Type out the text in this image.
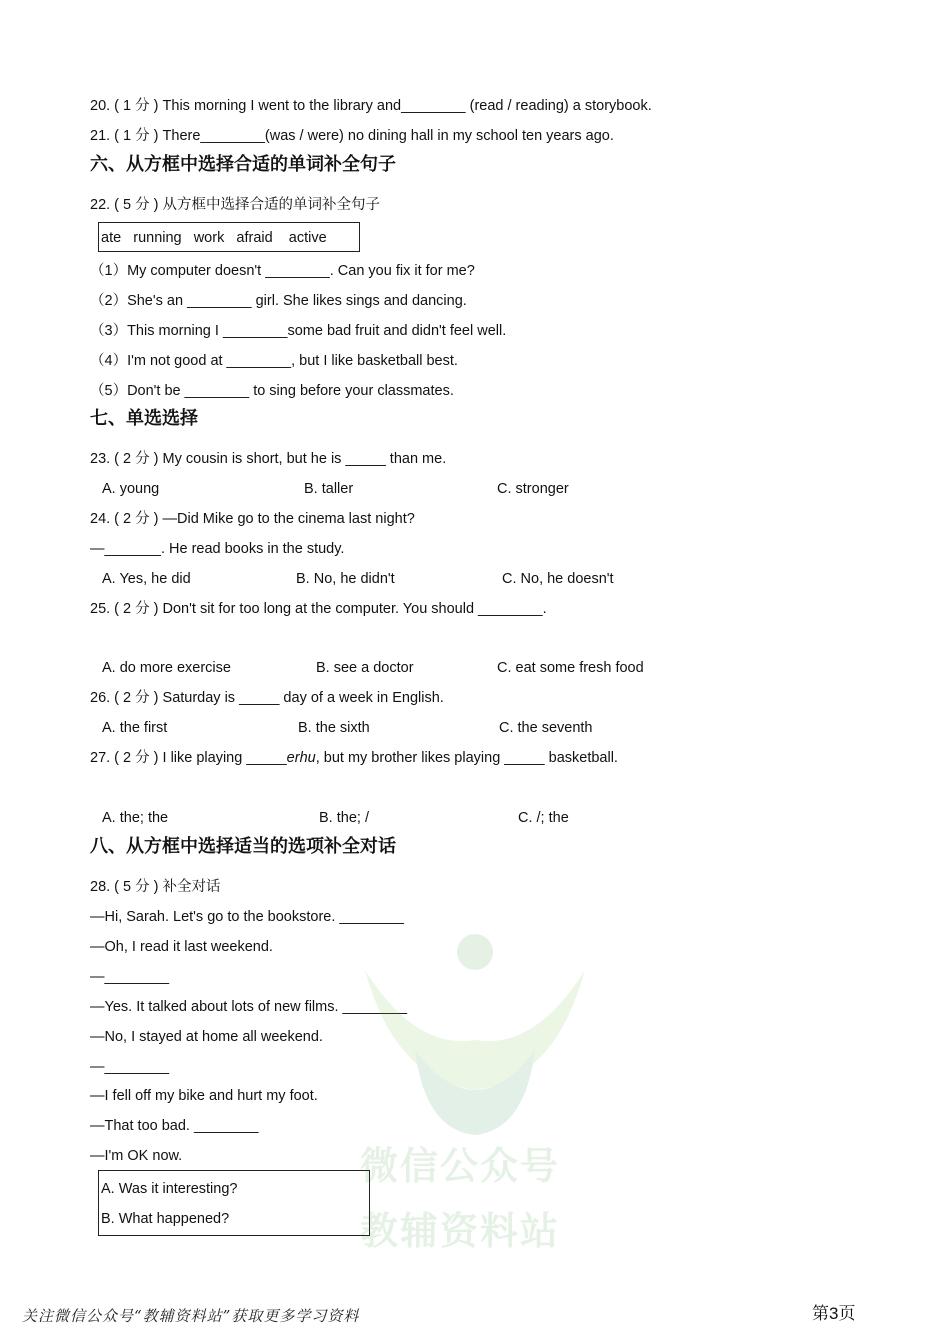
20. ( 1 分 ) This morning I went to the library and________ (read / reading) a storybook.
21. ( 1 分 ) There________(was / were) no dining hall in my school ten years ago.
六、从方框中选择合适的单词补全句子
22. ( 5 分 ) 从方框中选择合适的单词补全句子
ate   running   work   afraid    active
（1）My computer doesn't ________. Can you fix it for me?
（2）She's an ________ girl. She likes sings and dancing.
（3）This morning I ________some bad fruit and didn't feel well.
（4）I'm not good at ________, but I like basketball best.
（5）Don't be ________ to sing before your classmates.
七、单选选择
23. ( 2 分 ) My cousin is short, but he is _____ than me.
A. young	B. taller	C. stronger
24. ( 2 分 ) —Did Mike go to the cinema last night?
—_______. He read books in the study.
A. Yes, he did	B. No, he didn't	C. No, he doesn't
25. ( 2 分 ) Don't sit for too long at the computer. You should ________.
A. do more exercise	B. see a doctor	C. eat some fresh food
26. ( 2 分 ) Saturday is _____ day of a week in English.
A. the first	B. the sixth	C. the seventh
27. ( 2 分 ) I like playing _____erhu, but my brother likes playing _____ basketball.
A. the; the	B. the; /	C. /; the
八、从方框中选择适当的选项补全对话
28. ( 5 分 ) 补全对话
—Hi, Sarah. Let's go to the bookstore. ________
—Oh, I read it last weekend.
—________
—Yes. It talked about lots of new films. ________
—No, I stayed at home all weekend.
—________
—I fell off my bike and hurt my foot.
—That too bad. ________
—I'm OK now.
A. Was it interesting?
B. What happened?
微信公众号
教辅资料站
关注微信公众号“教辅资料站”获取更多学习资料	第3页
